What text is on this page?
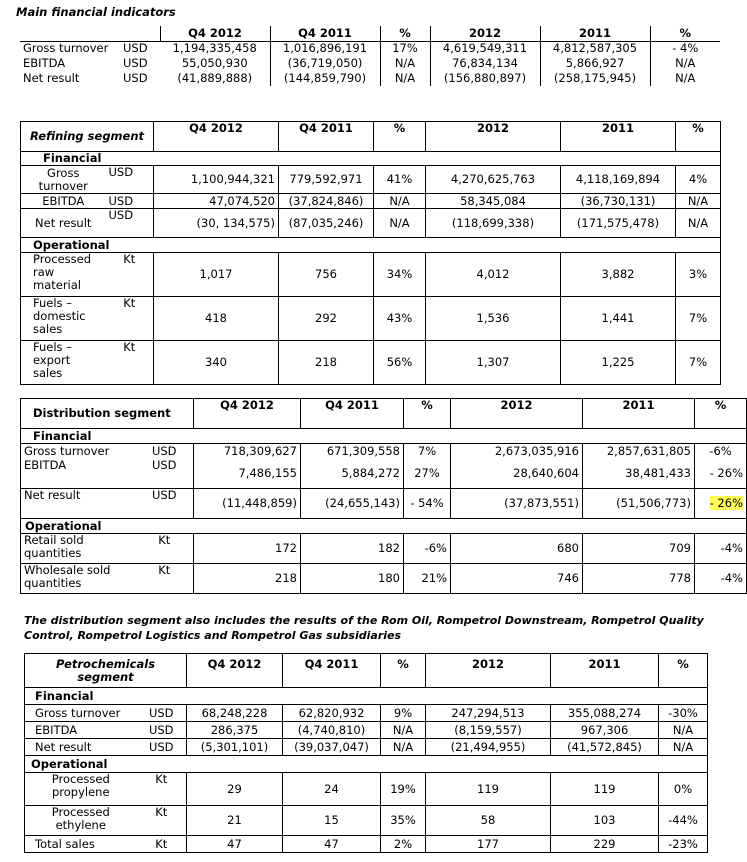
Main financial indicators
		Q4 2012	Q4 2011	%	2012	2011	%
Gross turnover	USD	1,194,335,458	1,016,896,191	17%	4,619,549,311	4,812,587,305	- 4%
EBITDA	USD	55,050,930	(36,719,050)	N/A	76,834,134	5,866,927	N/A
Net result	USD	(41,889,888)	(144,859,790)	N/A	(156,880,897)	(258,175,945)	N/A
Refining segment		Q4 2012	Q4 2011	%	2012	2011	%
Financial							
Gross turnover	USD	1,100,944,321	779,592,971	41%	4,270,625,763	4,118,169,894	4%
EBITDA	USD	47,074,520	(37,824,846)	N/A	58,345,084	(36,730,131)	N/A
Net result	USD	(30, 134,575)	(87,035,246)	N/A	(118,699,338)	(171,575,478)	N/A
Operational							
Processed raw material	Kt	1,017	756	34%	4,012	3,882	3%
Fuels – domestic sales	Kt	418	292	43%	1,536	1,441	7%
Fuels – export sales	Kt	340	218	56%	1,307	1,225	7%
Distribution segment		Q4 2012	Q4 2011	%	2012	2011	%
Financial							
Gross turnover	USD	718,309,627	671,309,558	7%	2,673,035,916	2,857,631,805	-6%
EBITDA	USD	7,486,155	5,884,272	27%	28,640,604	38,481,433	- 26%
Net result	USD	(11,448,859)	(24,655,143)	- 54%	(37,873,551)	(51,506,773)	- 26%
Operational							
Retail sold quantities	Kt	172	182	-6%	680	709	-4%
Wholesale sold quantities	Kt	218	180	21%	746	778	-4%
The distribution segment also includes the results of the Rom Oil, Rompetrol Downstream, Rompetrol Quality Control, Rompetrol Logistics and Rompetrol Gas subsidiaries
Petrochemicals segment		Q4 2012	Q4 2011	%	2012	2011	%
Financial							
Gross turnover	USD	68,248,228	62,820,932	9%	247,294,513	355,088,274	-30%
EBITDA	USD	286,375	(4,740,810)	N/A	(8,159,557)	967,306	N/A
Net result	USD	(5,301,101)	(39,037,047)	N/A	(21,494,955)	(41,572,845)	N/A
Operational							
Processed propylene	Kt	29	24	19%	119	119	0%
Processed ethylene	Kt	21	15	35%	58	103	-44%
Total sales	Kt	47	47	2%	177	229	-23%
